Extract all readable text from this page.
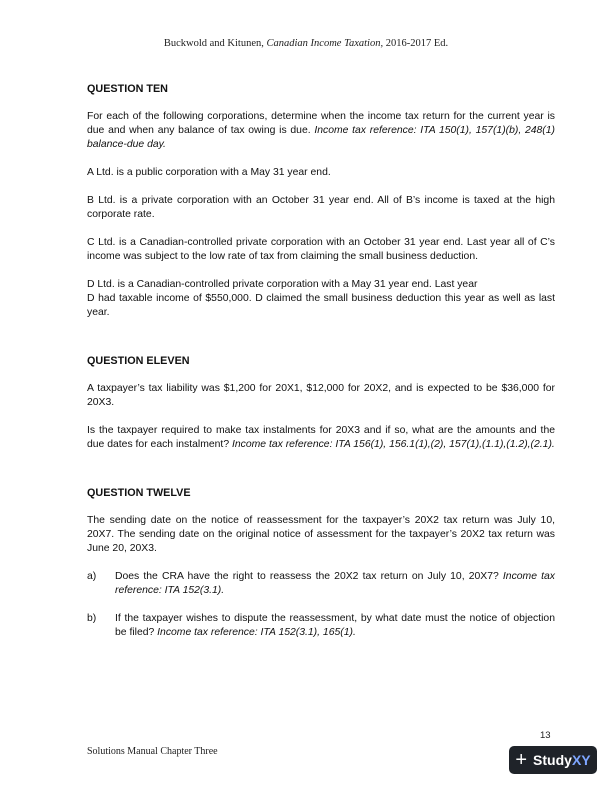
Buckwold and Kitunen, Canadian Income Taxation, 2016-2017 Ed.
QUESTION TEN

For each of the following corporations, determine when the income tax return for the current year is due and when any balance of tax owing is due. Income tax reference: ITA 150(1), 157(1)(b), 248(1) balance-due day.

A Ltd. is a public corporation with a May 31 year end.

B Ltd. is a private corporation with an October 31 year end. All of B’s income is taxed at the high corporate rate.

C Ltd. is a Canadian-controlled private corporation with an October 31 year end. Last year all of C’s income was subject to the low rate of tax from claiming the small business deduction.

D Ltd. is a Canadian-controlled private corporation with a May 31 year end. Last year
D had taxable income of $550,000. D claimed the small business deduction this year as well as last year.

QUESTION ELEVEN

A taxpayer’s tax liability was $1,200 for 20X1, $12,000 for 20X2, and is expected to be $36,000 for 20X3.

Is the taxpayer required to make tax instalments for 20X3 and if so, what are the amounts and the due dates for each instalment? Income tax reference: ITA 156(1), 156.1(1),(2), 157(1),(1.1),(1.2),(2.1).

QUESTION TWELVE

The sending date on the notice of reassessment for the taxpayer’s 20X2 tax return was July 10, 20X7. The sending date on the original notice of assessment for the taxpayer’s 20X2 tax return was June 20, 20X3.

a)	Does the CRA have the right to reassess the 20X2 tax return on July 10, 20X7? Income tax reference: ITA 152(3.1).
b)	If the taxpayer wishes to dispute the reassessment, by what date must the notice of objection be filed? Income tax reference: ITA 152(3.1), 165(1).
13
Solutions Manual Chapter Three	+ StudyXY
